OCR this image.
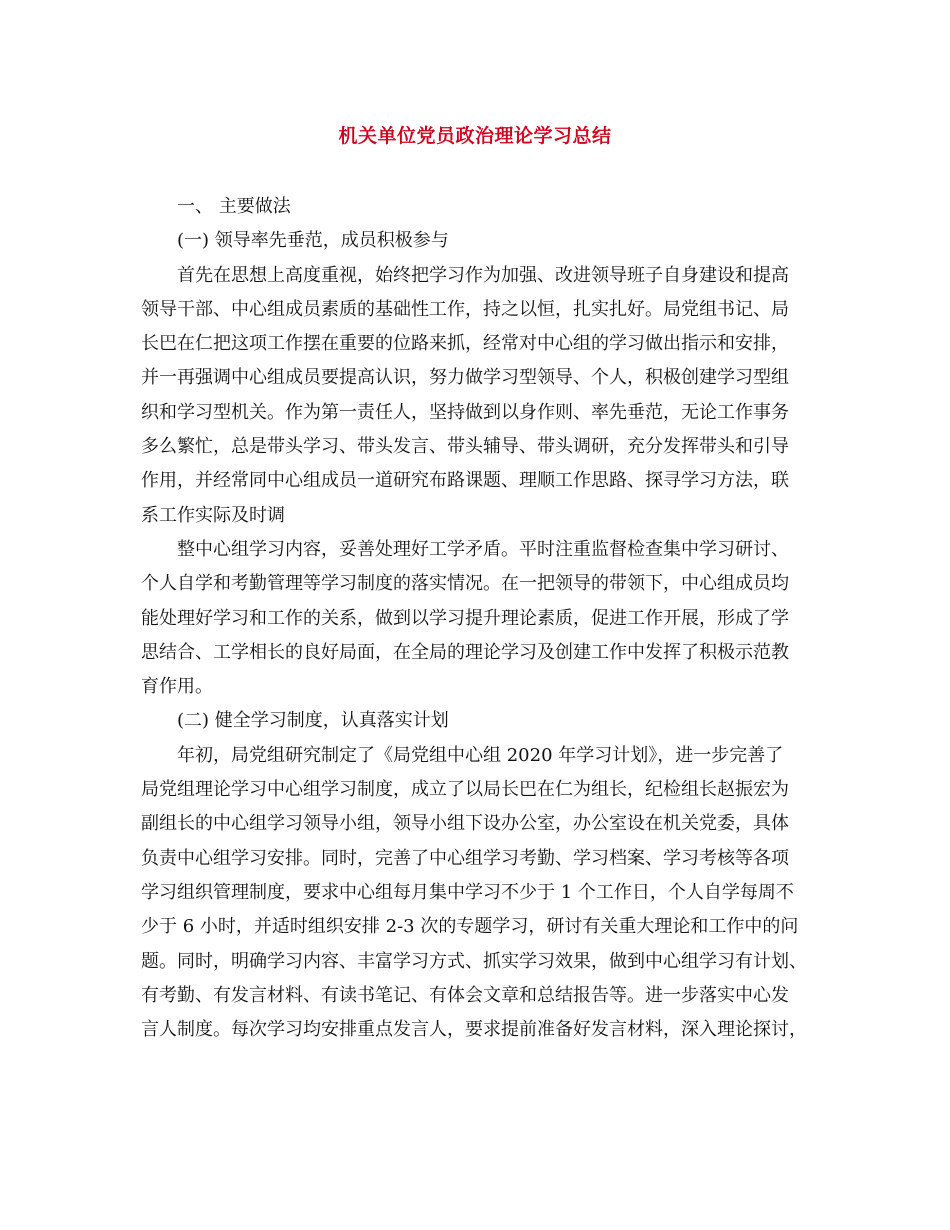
机关单位党员政治理论学习总结
一、 主要做法
(一) 领导率先垂范，成员积极参与
首先在思想上高度重视，始终把学习作为加强、改进领导班子自身建设和提高
领导干部、中心组成员素质的基础性工作，持之以恒，扎实扎好。局党组书记、局
长巴在仁把这项工作摆在重要的位路来抓，经常对中心组的学习做出指示和安排，
并一再强调中心组成员要提高认识，努力做学习型领导、个人，积极创建学习型组
织和学习型机关。作为第一责任人，坚持做到以身作则、率先垂范，无论工作事务
多么繁忙，总是带头学习、带头发言、带头辅导、带头调研，充分发挥带头和引导
作用，并经常同中心组成员一道研究布路课题、理顺工作思路、探寻学习方法，联
系工作实际及时调
整中心组学习内容，妥善处理好工学矛盾。平时注重监督检查集中学习研讨、
个人自学和考勤管理等学习制度的落实情况。在一把领导的带领下，中心组成员均
能处理好学习和工作的关系，做到以学习提升理论素质，促进工作开展，形成了学
思结合、工学相长的良好局面，在全局的理论学习及创建工作中发挥了积极示范教
育作用。
(二) 健全学习制度，认真落实计划
年初，局党组研究制定了《局党组中心组 2020 年学习计划》，进一步完善了
局党组理论学习中心组学习制度，成立了以局长巴在仁为组长，纪检组长赵振宏为
副组长的中心组学习领导小组，领导小组下设办公室，办公室设在机关党委，具体
负责中心组学习安排。同时，完善了中心组学习考勤、学习档案、学习考核等各项
学习组织管理制度，要求中心组每月集中学习不少于 1 个工作日，个人自学每周不
少于 6 小时，并适时组织安排 2-3 次的专题学习，研讨有关重大理论和工作中的问
题。同时，明确学习内容、丰富学习方式、抓实学习效果，做到中心组学习有计划、
有考勤、有发言材料、有读书笔记、有体会文章和总结报告等。进一步落实中心发
言人制度。每次学习均安排重点发言人，要求提前准备好发言材料，深入理论探讨，
